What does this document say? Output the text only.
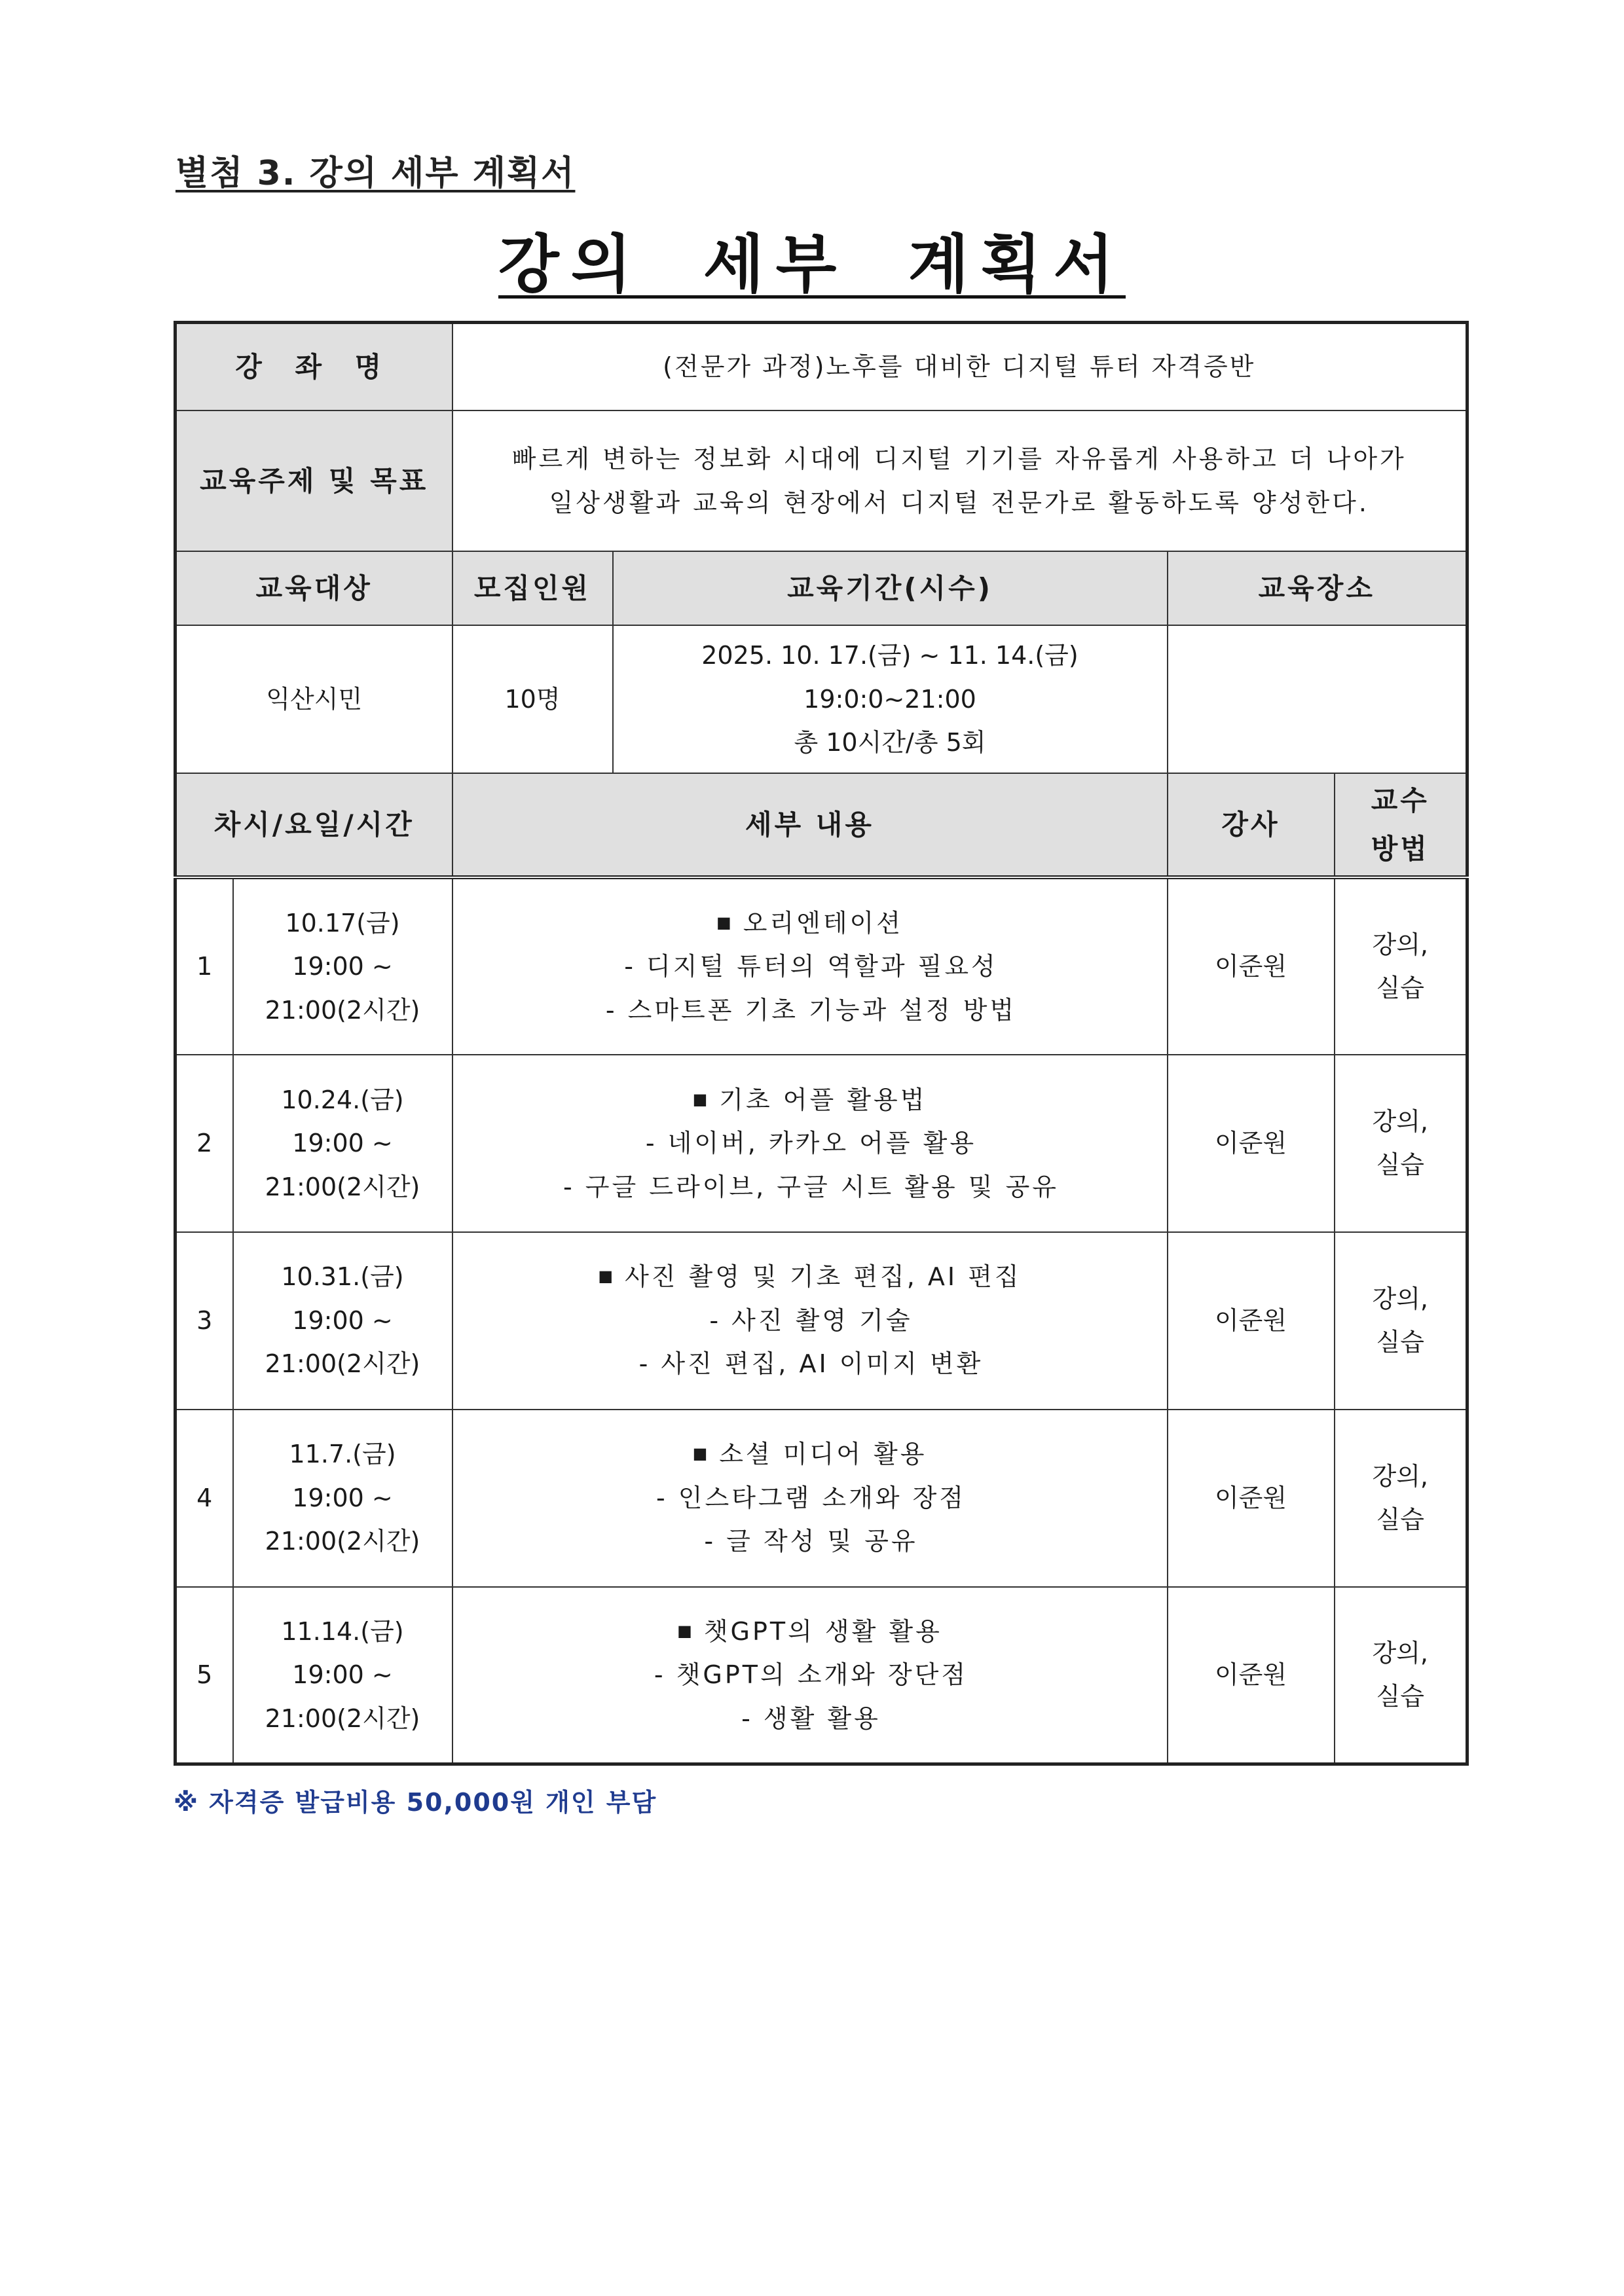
별첨 3. 강의 세부 계획서
강의 세부 계획서
강 좌 명		(전문가 과정)노후를 대비한 디지털 튜터 자격증반			
교육주제 및 목표		빠르게 변하는 정보화 시대에 디지털 기기를 자유롭게 사용하고 더 나아가
일상생활과 교육의 현장에서 디지털 전문가로 활동하도록 양성한다.			

교육대상		모집인원	교육기간(시수)	교육장소	
익산시민		10명	2025. 10. 17.(금) ~ 11. 14.(금)
19:0:0~21:00
총 10시간/총 5회		

차시/요일/시간		세부 내용		강사	교수
방법

1	10.17(금)
19:00 ~
21:00(2시간)	■ 오리엔테이션
- 디지털 튜터의 역할과 필요성
- 스마트폰 기초 기능과 설정 방법		이준원	강의,
실습

2	10.24.(금)
19:00 ~
21:00(2시간)	■ 기초 어플 활용법
- 네이버, 카카오 어플 활용
- 구글 드라이브, 구글 시트 활용 및 공유		이준원	강의,
실습

3	10.31.(금)
19:00 ~
21:00(2시간)	■ 사진 촬영 및 기초 편집, AI 편집
- 사진 촬영 기술
- 사진 편집, AI 이미지 변환		이준원	강의,
실습

4	11.7.(금)
19:00 ~
21:00(2시간)	■ 소셜 미디어 활용
- 인스타그램 소개와 장점
- 글 작성 및 공유		이준원	강의,
실습

5	11.14.(금)
19:00 ~
21:00(2시간)	■ 챗GPT의 생활 활용
- 챗GPT의 소개와 장단점
- 생활 활용		이준원	강의,
실습
※ 자격증 발급비용 50,000원 개인 부담
